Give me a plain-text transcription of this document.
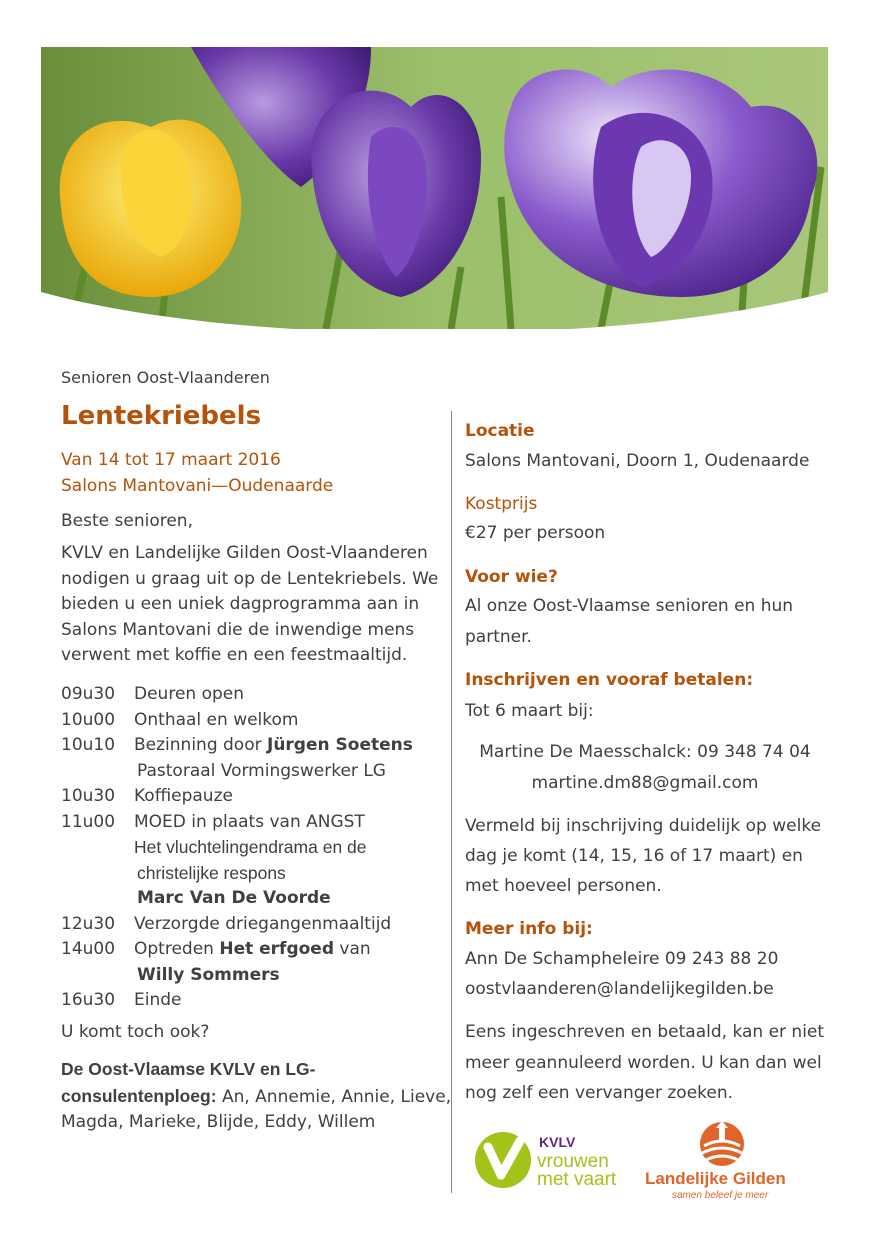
Senioren Oost-Vlaanderen
Lentekriebels
Van 14 tot 17 maart 2016
Salons Mantovani—Oudenaarde
Beste senioren,
KVLV en Landelijke Gilden Oost-Vlaanderen
nodigen u graag uit op de Lentekriebels. We
bieden u een uniek dagprogramma aan in
Salons Mantovani die de inwendige mens
verwent met koffie en een feestmaaltijd.
09u30	Deuren open
10u00	Onthaal en welkom
10u10	Bezinning door Jürgen Soetens
Pastoraal Vormingswerker LG
10u30	Koffiepauze
11u00	MOED in plaats van ANGST
Het vluchtelingendrama en de
christelijke respons
Marc Van De Voorde
12u30	Verzorgde driegangenmaaltijd
14u00	Optreden Het erfgoed van
Willy Sommers
16u30	Einde
U komt toch ook?
De Oost-Vlaamse KVLV en LG-
consulentenploeg: An, Annemie, Annie, Lieve,
Magda, Marieke, Blijde, Eddy, Willem
Locatie
Salons Mantovani, Doorn 1, Oudenaarde
Kostprijs
€27 per persoon
Voor wie?
Al onze Oost-Vlaamse senioren en hun
partner.
Inschrijven en vooraf betalen:
Tot 6 maart bij:
Martine De Maesschalck: 09 348 74 04
martine.dm88@gmail.com
Vermeld bij inschrijving duidelijk op welke
dag je komt (14, 15, 16 of 17 maart) en
met hoeveel personen.
Meer info bij:
Ann De Schampheleire 09 243 88 20
oostvlaanderen@landelijkegilden.be
Eens ingeschreven en betaald, kan er niet
meer geannuleerd worden. U kan dan wel
nog zelf een vervanger zoeken.
KVLV
vrouwen
met vaart Landelijke Gilden
samen beleef je meer
